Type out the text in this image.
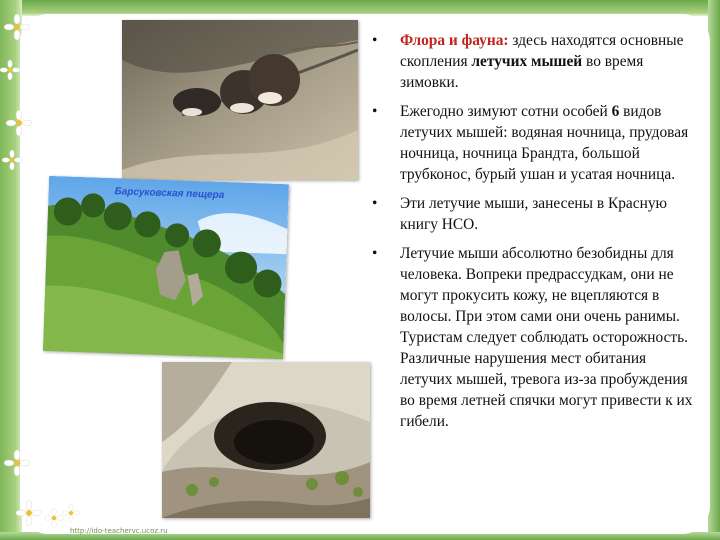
Барсуковская пещера
• Флора и фауна: здесь находятся основные скопления летучих мышей во время зимовки.
• Ежегодно зимуют сотни особей 6 видов летучих мышей: водяная ночница, прудовая ночница, ночница Брандта, большой трубконос, бурый ушан и усатая ночница.
• Эти летучие мыши, занесены в Красную книгу НСО.
• Летучие мыши абсолютно безобидны для человека. Вопреки предрассудкам, они не могут прокусить кожу, не вцепляются в волосы. При этом сами они очень ранимы. Туристам следует соблюдать осторожность. Различные нарушения мест обитания летучих мышей, тревога из-за пробуждения во время летней спячки могут привести к их гибели.
http://ido-teachervc.ucoz.ru
